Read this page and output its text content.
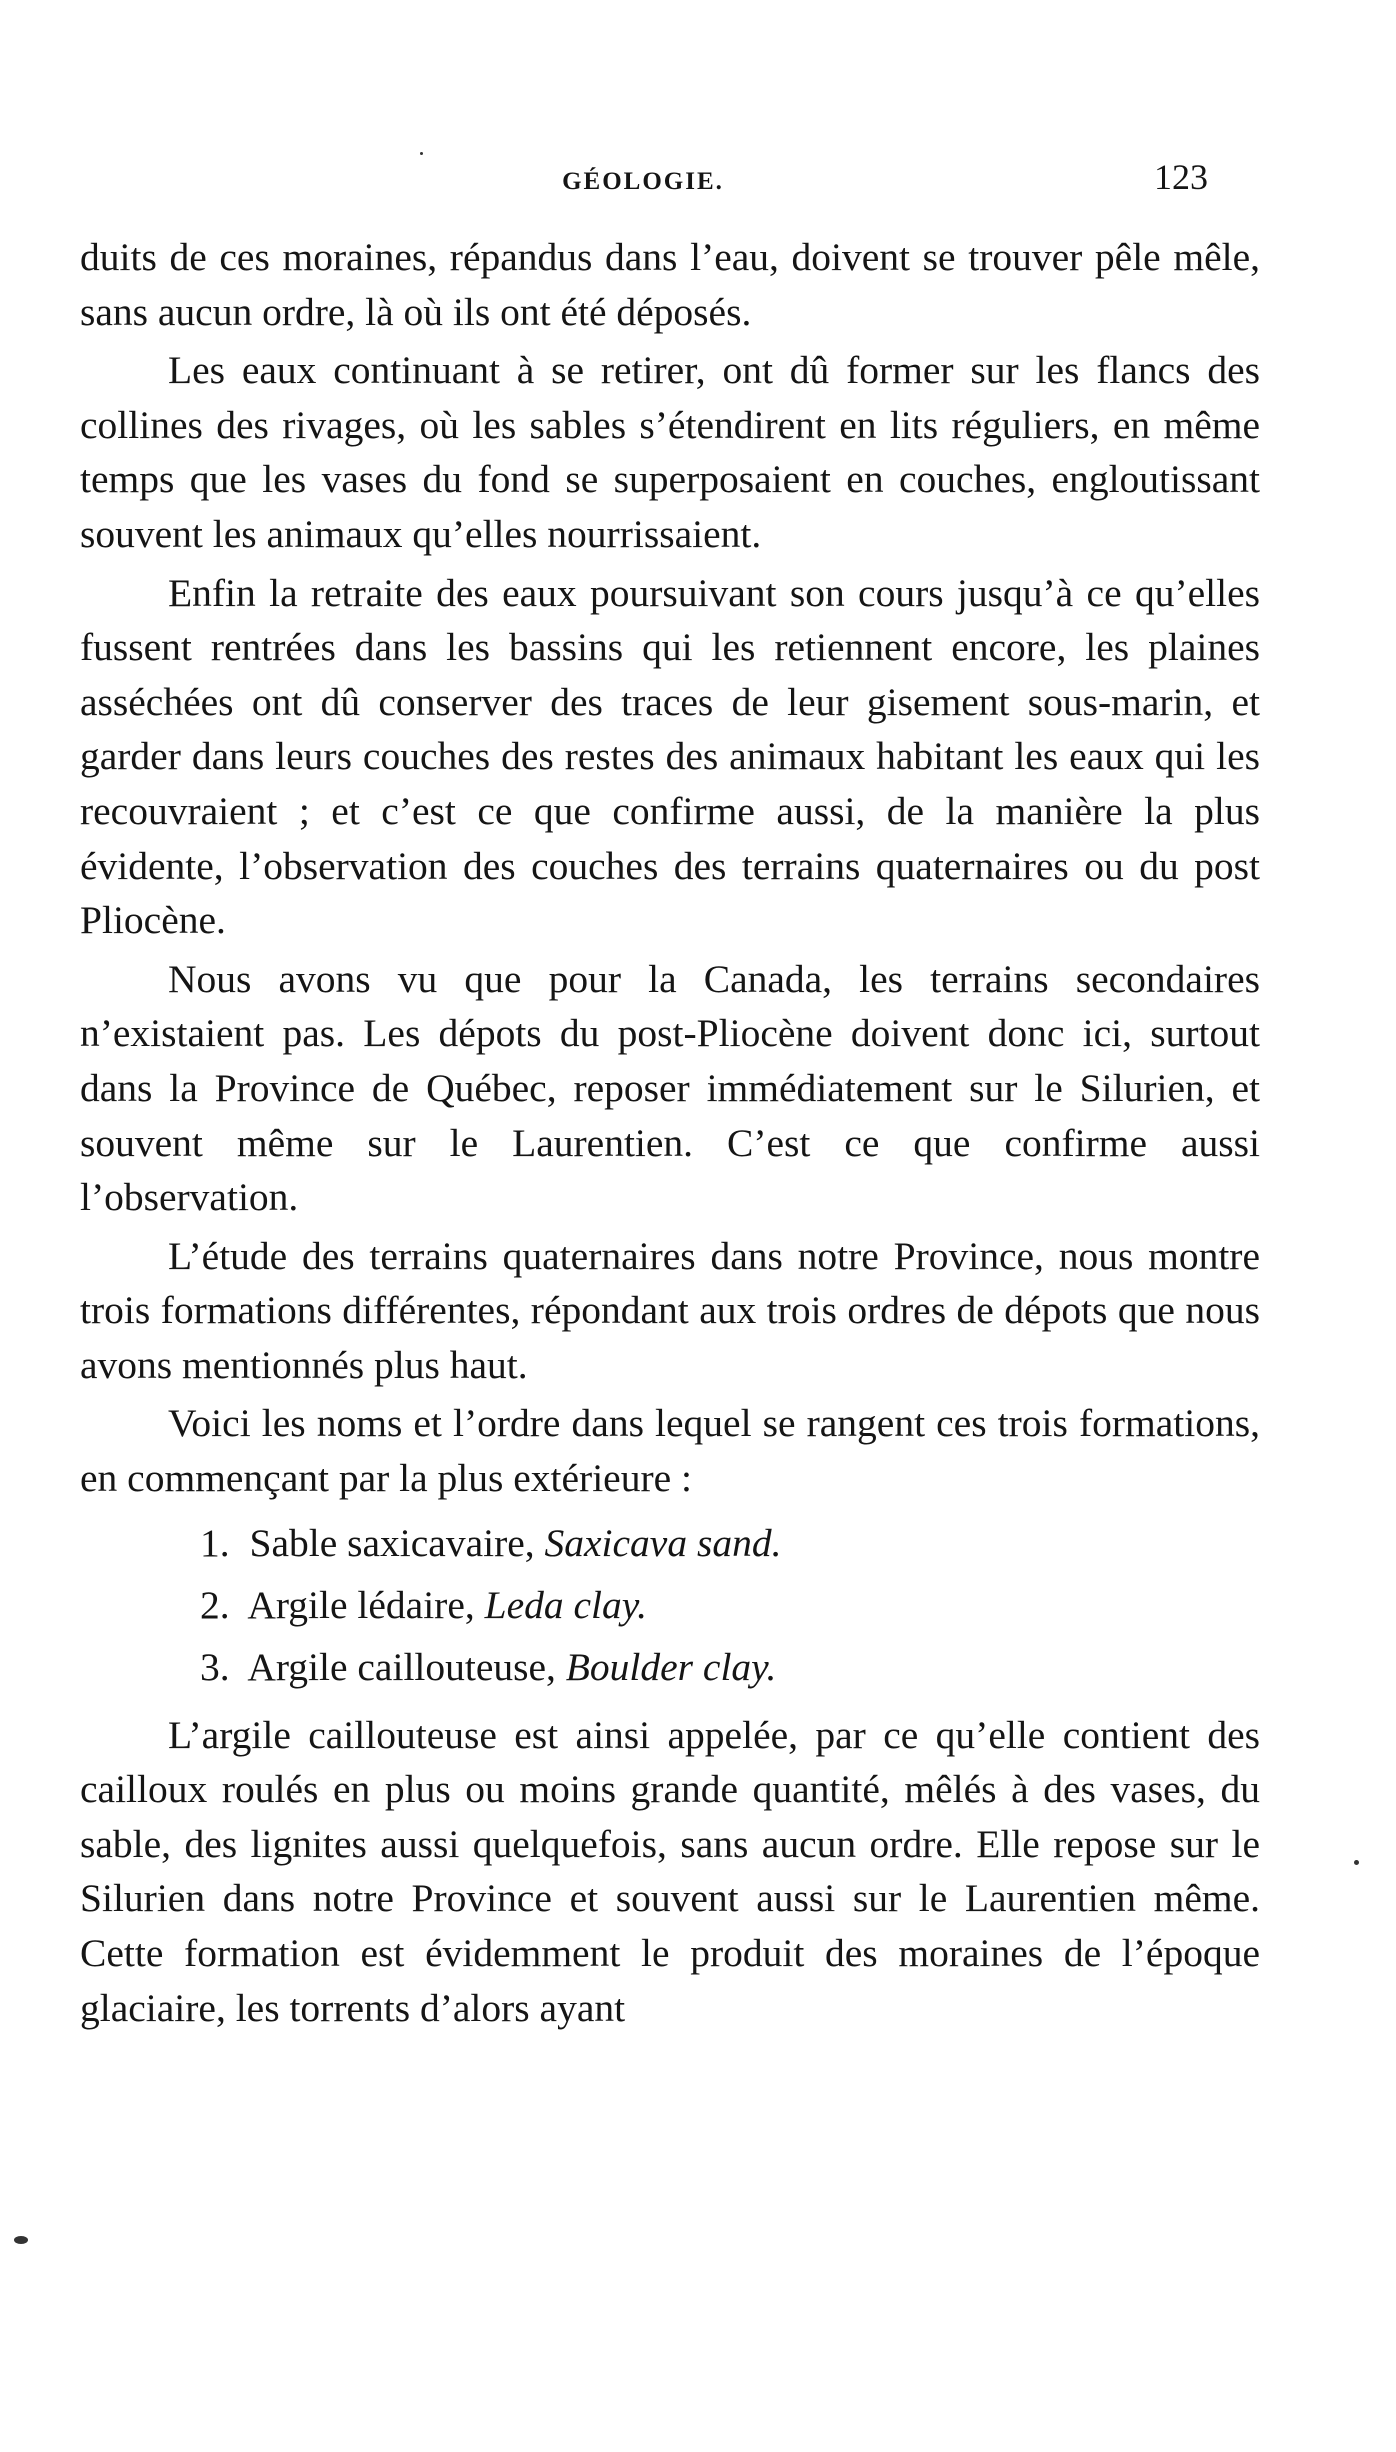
GÉOLOGIE.	123

duits de ces moraines, répandus dans l’eau, doivent se trouver pêle mêle, sans aucun ordre, là où ils ont été déposés.

Les eaux continuant à se retirer, ont dû former sur les flancs des collines des rivages, où les sables s’étendirent en lits réguliers, en même temps que les vases du fond se superposaient en couches, engloutissant souvent les animaux qu’elles nourrissaient.

Enfin la retraite des eaux poursuivant son cours jusqu’à ce qu’elles fussent rentrées dans les bassins qui les retiennent encore, les plaines asséchées ont dû conserver des traces de leur gisement sous-marin, et garder dans leurs couches des restes des animaux habitant les eaux qui les recouvraient ; et c’est ce que confirme aussi, de la manière la plus évidente, l’observation des couches des terrains quaternaires ou du post Pliocène.

Nous avons vu que pour la Canada, les terrains secondaires n’existaient pas. Les dépots du post-Pliocène doivent donc ici, surtout dans la Province de Québec, reposer immédiatement sur le Silurien, et souvent même sur le Laurentien. C’est ce que confirme aussi l’observation.

L’étude des terrains quaternaires dans notre Province, nous montre trois formations différentes, répondant aux trois ordres de dépots que nous avons mentionnés plus haut.

Voici les noms et l’ordre dans lequel se rangent ces trois formations, en commençant par la plus extérieure :

1. Sable saxicavaire, Saxicava sand.
2. Argile lédaire, Leda clay.
3. Argile caillouteuse, Boulder clay.

L’argile caillouteuse est ainsi appelée, par ce qu’elle contient des cailloux roulés en plus ou moins grande quantité, mêlés à des vases, du sable, des lignites aussi quelquefois, sans aucun ordre. Elle repose sur le Silurien dans notre Province et souvent aussi sur le Laurentien même. Cette formation est évidemment le produit des moraines de l’époque glaciaire, les torrents d’alors ayant
